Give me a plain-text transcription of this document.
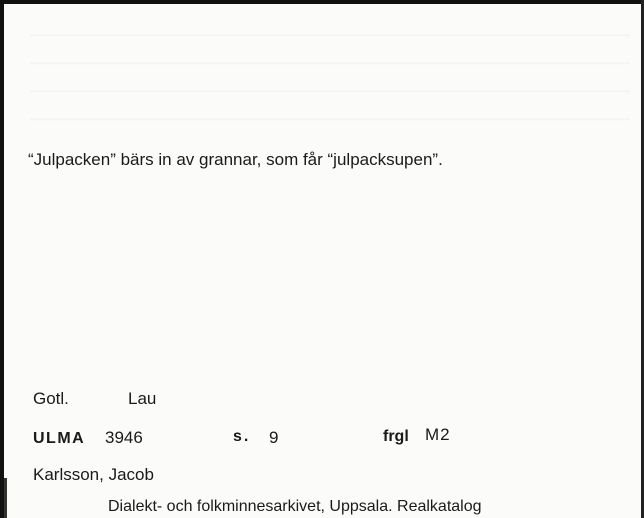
“Julpacken” bärs in av grannar, som får “julpacksupen”.
Gotl.	Lau
ULMA 3946	s. 9	frgl M2
Karlsson, Jacob
Dialekt- och folkminnesarkivet, Uppsala. Realkatalog
